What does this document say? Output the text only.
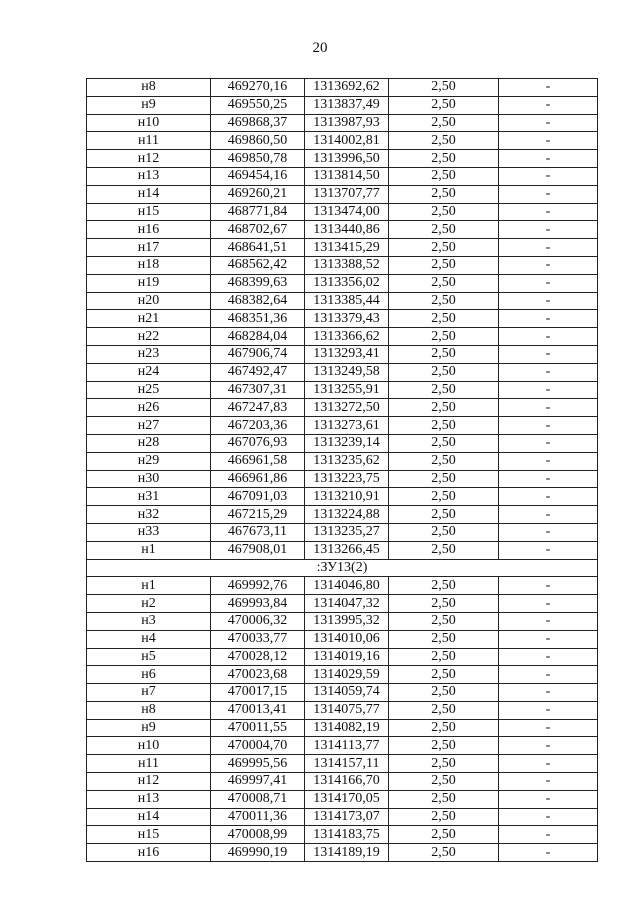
20
н8	469270,16	1313692,62	2,50	-
н9	469550,25	1313837,49	2,50	-
н10	469868,37	1313987,93	2,50	-
н11	469860,50	1314002,81	2,50	-
н12	469850,78	1313996,50	2,50	-
н13	469454,16	1313814,50	2,50	-
н14	469260,21	1313707,77	2,50	-
н15	468771,84	1313474,00	2,50	-
н16	468702,67	1313440,86	2,50	-
н17	468641,51	1313415,29	2,50	-
н18	468562,42	1313388,52	2,50	-
н19	468399,63	1313356,02	2,50	-
н20	468382,64	1313385,44	2,50	-
н21	468351,36	1313379,43	2,50	-
н22	468284,04	1313366,62	2,50	-
н23	467906,74	1313293,41	2,50	-
н24	467492,47	1313249,58	2,50	-
н25	467307,31	1313255,91	2,50	-
н26	467247,83	1313272,50	2,50	-
н27	467203,36	1313273,61	2,50	-
н28	467076,93	1313239,14	2,50	-
н29	466961,58	1313235,62	2,50	-
н30	466961,86	1313223,75	2,50	-
н31	467091,03	1313210,91	2,50	-
н32	467215,29	1313224,88	2,50	-
н33	467673,11	1313235,27	2,50	-
н1	467908,01	1313266,45	2,50	-
:ЗУ13(2)				
н1	469992,76	1314046,80	2,50	-
н2	469993,84	1314047,32	2,50	-
н3	470006,32	1313995,32	2,50	-
н4	470033,77	1314010,06	2,50	-
н5	470028,12	1314019,16	2,50	-
н6	470023,68	1314029,59	2,50	-
н7	470017,15	1314059,74	2,50	-
н8	470013,41	1314075,77	2,50	-
н9	470011,55	1314082,19	2,50	-
н10	470004,70	1314113,77	2,50	-
н11	469995,56	1314157,11	2,50	-
н12	469997,41	1314166,70	2,50	-
н13	470008,71	1314170,05	2,50	-
н14	470011,36	1314173,07	2,50	-
н15	470008,99	1314183,75	2,50	-
н16	469990,19	1314189,19	2,50	-
